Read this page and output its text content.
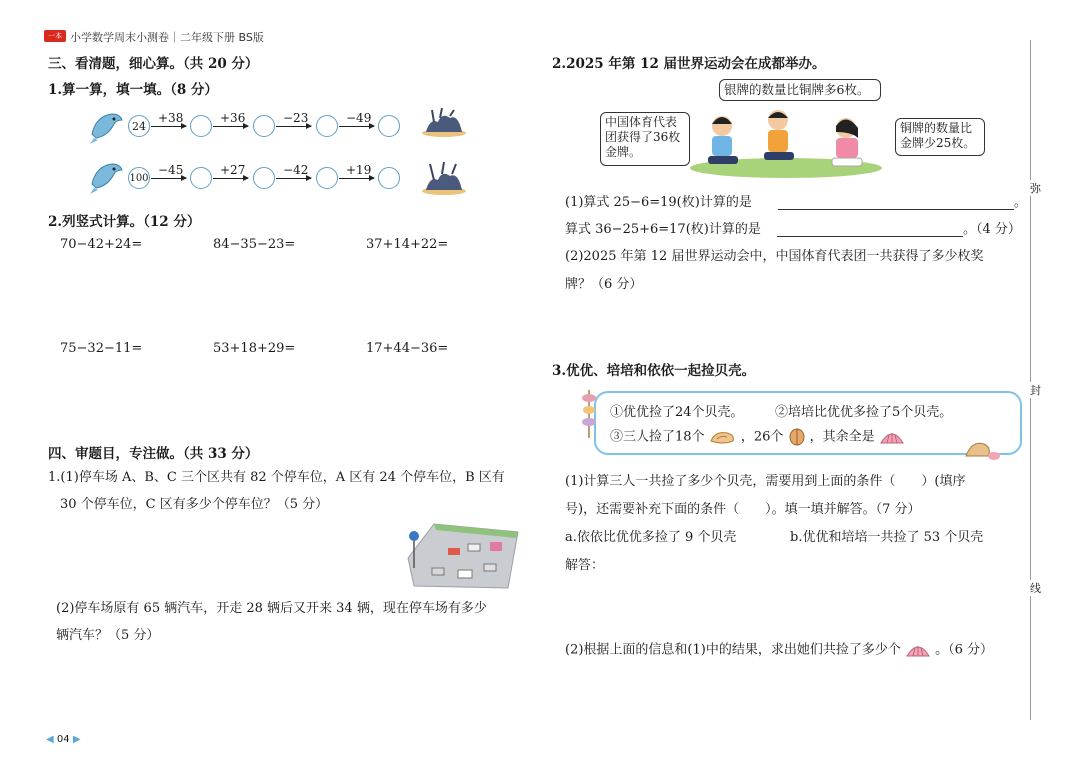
一本 小学数学周末小测卷｜二年级下册 BS版
三、看清题，细心算。（共 20 分）
1.算一算，填一填。（8 分）
24
+38	+36	−23	−49
100
−45	+27	−42	+19
2.列竖式计算。（12 分）
70−42+24=	84−35−23=	37+14+22=
75−32−11=	53+18+29=	17+44−36=
四、审题目，专注做。（共 33 分）
1.(1)停车场 A、B、C 三个区共有 82 个停车位，A 区有 24 个停车位，B 区有
30 个停车位，C 区有多少个停车位？（5 分）
(2)停车场原有 65 辆汽车，开走 28 辆后又开来 34 辆，现在停车场有多少
辆汽车？（5 分）
2.2025 年第 12 届世界运动会在成都举办。
银牌的数量比铜牌多6枚。
中国体育代表团获得了36枚金牌。
铜牌的数量比金牌少25枚。
(1)算式 25−6=19(枚)计算的是	。
算式 36−25+6=17(枚)计算的是	。（4 分）
(2)2025 年第 12 届世界运动会中，中国体育代表团一共获得了多少枚奖
牌？（6 分）
3.优优、培培和依依一起捡贝壳。
①优优捡了24个贝壳。 ②培培比优优多捡了5个贝壳。
③三人捡了18个	，26个 ，其余全是
(1)计算三人一共捡了多少个贝壳，需要用到上面的条件（　　）(填序
号)，还需要补充下面的条件（　　）。填一填并解答。（7 分）
a.依依比优优多捡了 9 个贝壳	b.优优和培培一共捡了 53 个贝壳
解答：
(2)根据上面的信息和(1)中的结果，求出她们共捡了多少个	。（6 分）
弥
封
线
◀ 04 ▶
